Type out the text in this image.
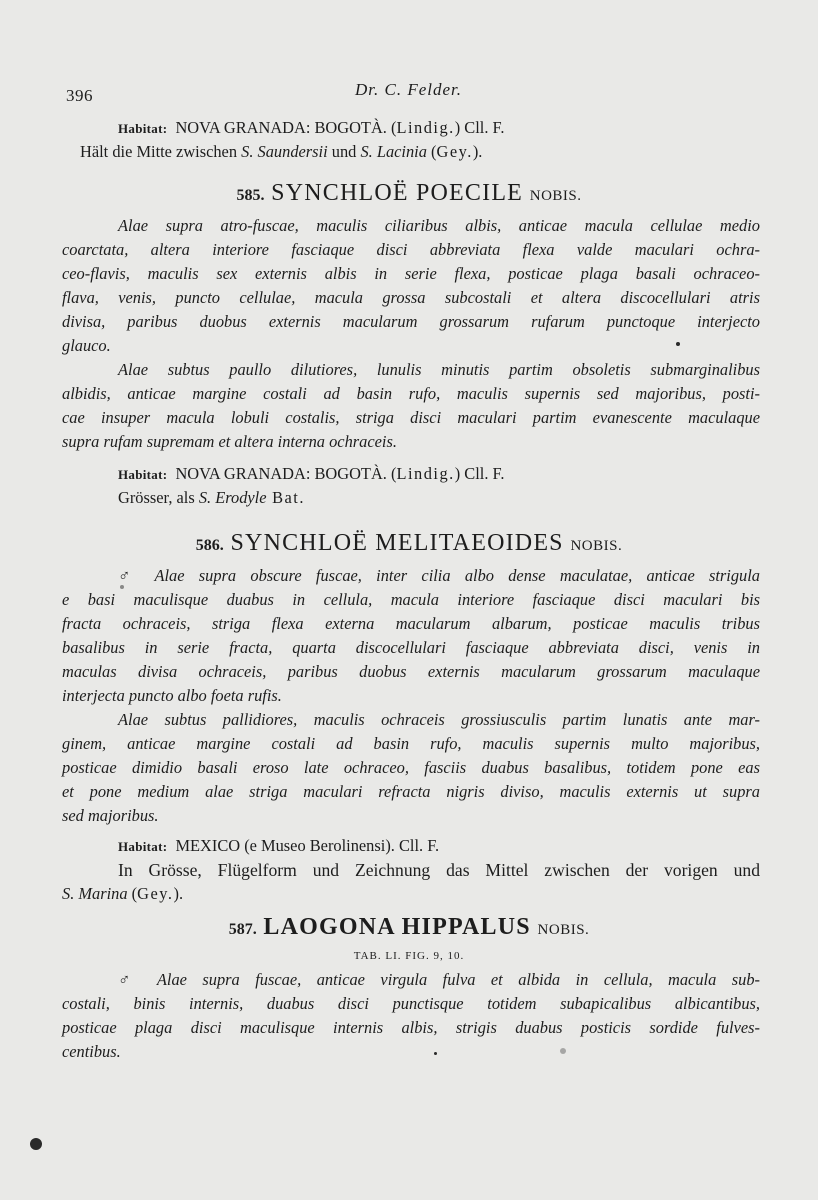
396	Dr. C. Felder.
Habitat: NOVA GRANADA: BOGOTÀ. (Lindig.) Cll. F.
Hält die Mitte zwischen S. Saundersii und S. Lacinia (Gey.).
585. SYNCHLOË POECILE NOBIS.
Alae supra atro-fuscae, maculis ciliaribus albis, anticae macula cellulae medio
coarctata, altera interiore fasciaque disci abbreviata flexa valde maculari ochra-
ceo-flavis, maculis sex externis albis in serie flexa, posticae plaga basali ochraceo-
flava, venis, puncto cellulae, macula grossa subcostali et altera discocellulari atris
divisa, paribus duobus externis macularum grossarum rufarum punctoque interjecto
glauco.
Alae subtus paullo dilutiores, lunulis minutis partim obsoletis submarginalibus
albidis, anticae margine costali ad basin rufo, maculis supernis sed majoribus, posti-
cae insuper macula lobuli costalis, striga disci maculari partim evanescente maculaque
supra rufam supremam et altera interna ochraceis.
Habitat: NOVA GRANADA: BOGOTÀ. (Lindig.) Cll. F.
Grösser, als S. Erodyle Bat.
586. SYNCHLOË MELITAEOIDES NOBIS.
♂ Alae supra obscure fuscae, inter cilia albo dense maculatae, anticae strigula
e basi maculisque duabus in cellula, macula interiore fasciaque disci maculari bis
fracta ochraceis, striga flexa externa macularum albarum, posticae maculis tribus
basalibus in serie fracta, quarta discocellulari fasciaque abbreviata disci, venis in
maculas divisa ochraceis, paribus duobus externis macularum grossarum maculaque
interjecta puncto albo foeta rufis.
Alae subtus pallidiores, maculis ochraceis grossiusculis partim lunatis ante mar-
ginem, anticae margine costali ad basin rufo, maculis supernis multo majoribus,
posticae dimidio basali eroso late ochraceo, fasciis duabus basalibus, totidem pone eas
et pone medium alae striga maculari refracta nigris diviso, maculis externis ut supra
sed majoribus.
Habitat: MEXICO (e Museo Berolinensi). Cll. F.
In Grösse, Flügelform und Zeichnung das Mittel zwischen der vorigen und
S. Marina (Gey.).
587. LAOGONA HIPPALUS NOBIS.
TAB. LI. FIG. 9, 10.
♂ Alae supra fuscae, anticae virgula fulva et albida in cellula, macula sub-
costali, binis internis, duabus disci punctisque totidem subapicalibus albicantibus,
posticae plaga disci maculisque internis albis, strigis duabus posticis sordide fulves-
centibus.
